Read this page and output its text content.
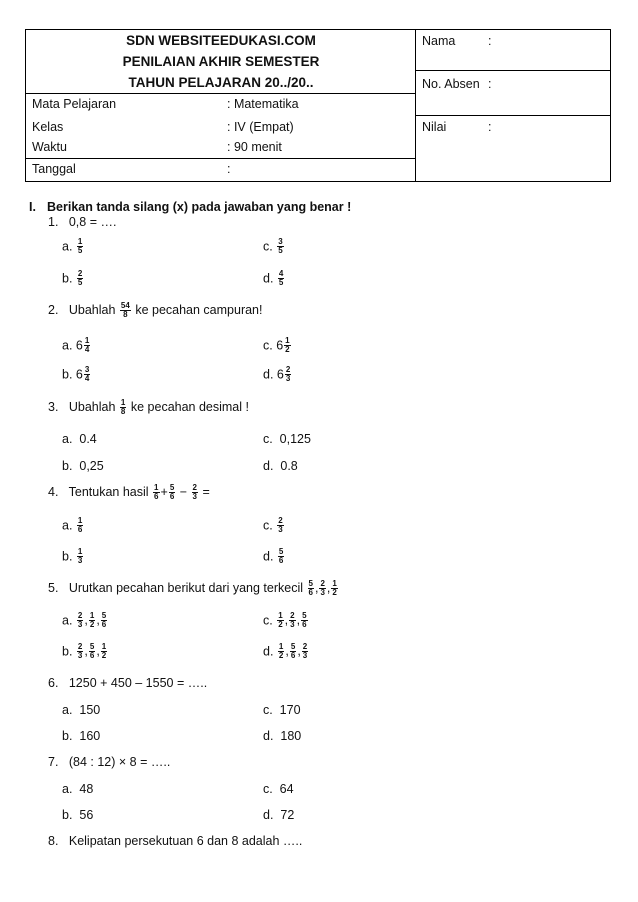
SDN WEBSITEEDUKASI.COM
PENILAIAN AKHIR SEMESTER
TAHUN PELAJARAN 20../20..
Mata Pelajaran	: Matematika
Kelas	: IV (Empat)
Waktu	: 90 menit
Tanggal	:
Nama	:
No. Absen :
Nilai	:
I. Berikan tanda silang (x) pada jawaban yang benar !
1. 0,8 = ….
a. $\frac{1}{5}$	c. $\frac{3}{5}$
b. $\frac{2}{5}$	d. $\frac{4}{5}$
2. Ubahlah $\frac{54}{8}$ ke pecahan campuran!
a. $6 \frac{1}{4}$	c. $6 \frac{1}{2}$
b. $6 \frac{3}{4}$	d. $6 \frac{2}{3}$
3. Ubahlah $\frac{1}{8}$ ke pecahan desimal !
a.  0.4	c.  0,125
b.  0,25	d.  0.8
4. Tentukan hasil $\frac{1}{6} + \frac{5}{6} - \frac{2}{3}$ =
a. $\frac{1}{6}$	c. $\frac{2}{3}$
b. $\frac{1}{3}$	d. $\frac{5}{6}$
5. Urutkan pecahan berikut dari yang terkecil $\frac{5}{6}$ , $\frac{2}{3}$ , $\frac{1}{2}$
a. $\frac{2}{3}$ , $\frac{1}{2}$ , $\frac{5}{6}$	c. $\frac{1}{2}$ , $\frac{2}{3}$ , $\frac{5}{6}$
b. $\frac{2}{3}$ , $\frac{5}{6}$ , $\frac{1}{2}$	d. $\frac{1}{2}$ , $\frac{5}{6}$ , $\frac{2}{3}$
6. 1250 + 450 – 1550 = …..
a.  150	c.  170
b.  160	d.  180
7. (84 : 12) × 8 = …..
a.  48	c.  64
b.  56	d.  72
8. Kelipatan persekutuan 6 dan 8 adalah …..
